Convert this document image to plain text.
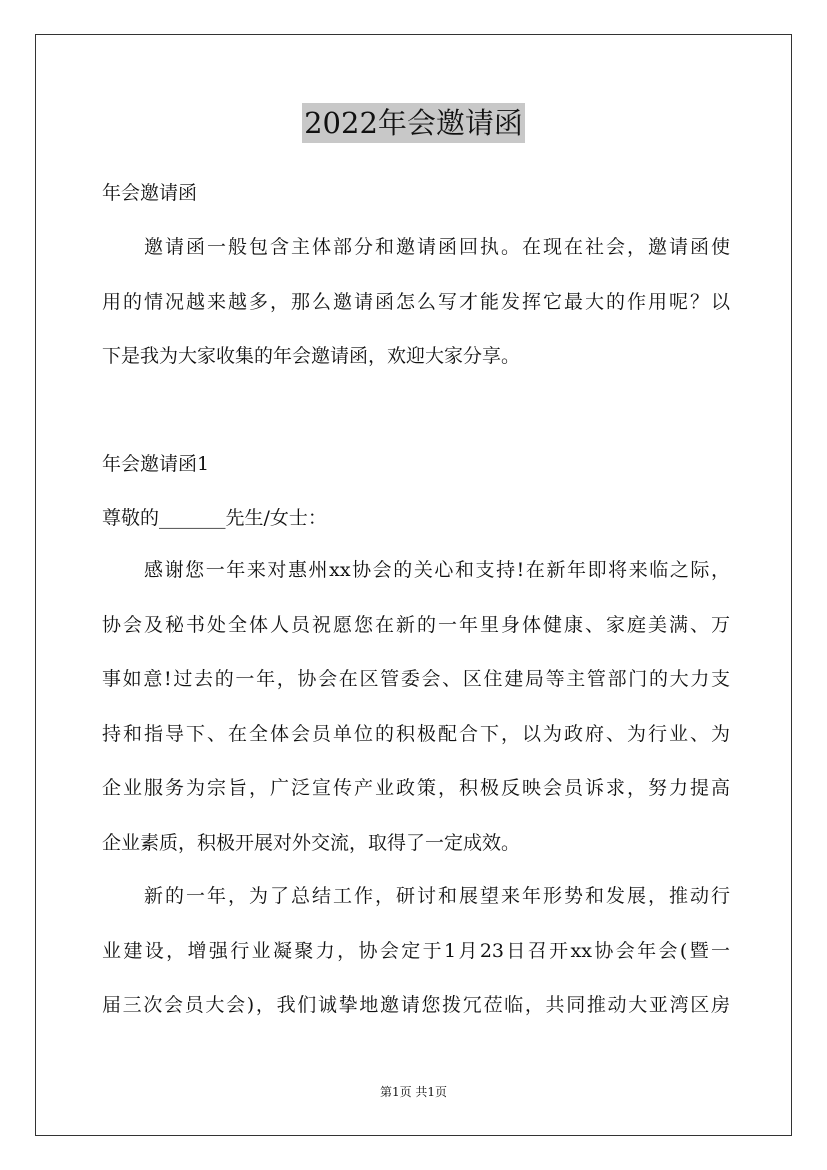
2022年会邀请函
年会邀请函
邀请函一般包含主体部分和邀请函回执。在现在社会，邀请函使
用的情况越来越多，那么邀请函怎么写才能发挥它最大的作用呢？以
下是我为大家收集的年会邀请函，欢迎大家分享。
年会邀请函1
尊敬的_______先生/女士：
感谢您一年来对惠州xx协会的关心和支持!在新年即将来临之际，
协会及秘书处全体人员祝愿您在新的一年里身体健康、家庭美满、万
事如意!过去的一年，协会在区管委会、区住建局等主管部门的大力支
持和指导下、在全体会员单位的积极配合下，以为政府、为行业、为
企业服务为宗旨，广泛宣传产业政策，积极反映会员诉求，努力提高
企业素质，积极开展对外交流，取得了一定成效。
新的一年，为了总结工作，研讨和展望来年形势和发展，推动行
业建设，增强行业凝聚力，协会定于1月23日召开xx协会年会(暨一
届三次会员大会)，我们诚挚地邀请您拨冗莅临，共同推动大亚湾区房
第1页 共1页
